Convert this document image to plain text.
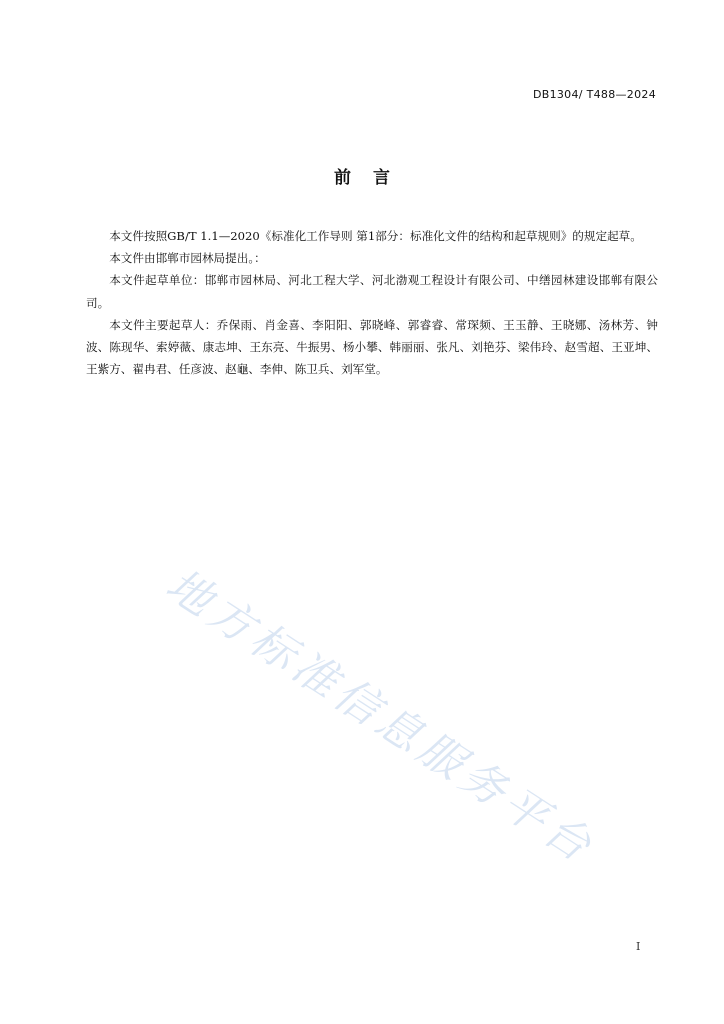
DB1304/ T488—2024
前 言

本文件按照GB/T 1.1—2020《标准化工作导则 第1部分：标准化文件的结构和起草规则》的规定起草。

本文件由邯郸市园林局提出。：

本文件起草单位：邯郸市园林局、河北工程大学、河北渤观工程设计有限公司、中缮园林建设邯郸有限公司。

本文件主要起草人：乔保雨、肖金喜、李阳阳、郭晓峰、郭睿睿、常琛频、王玉静、王晓娜、汤林芳、钟波、陈现华、索婷薇、康志坤、王东亮、牛振男、杨小攀、韩丽丽、张凡、刘艳芬、梁伟玲、赵雪超、王亚坤、王紫方、翟冉君、任彦波、赵龜、李伸、陈卫兵、刘军堂。

地方标准信息服务平台
I
